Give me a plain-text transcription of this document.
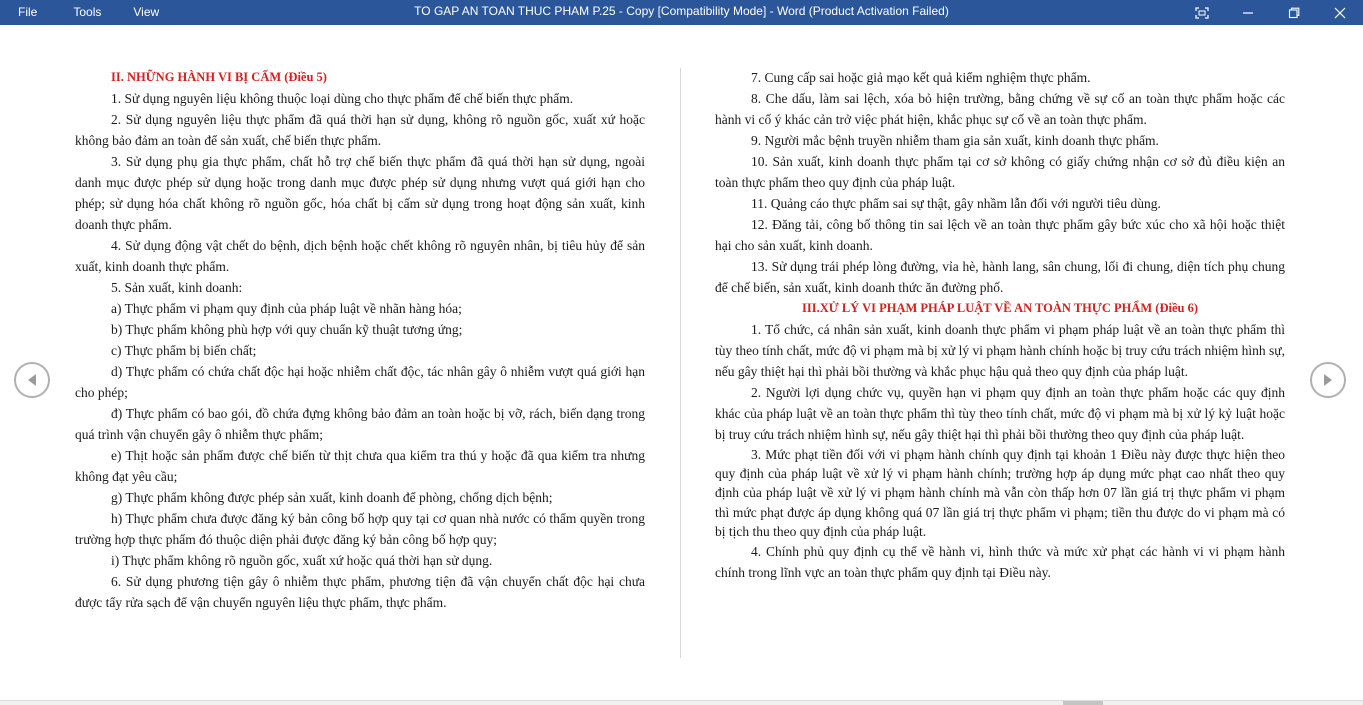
File	Tools	View	TO GAP AN TOAN THUC PHAM P.25 - Copy [Compatibility Mode] - Word (Product Activation Failed)
II. NHỮNG HÀNH VI BỊ CẤM (Điều 5)

1. Sử dụng nguyên liệu không thuộc loại dùng cho thực phẩm để chế biến thực phẩm.

2. Sử dụng nguyên liệu thực phẩm đã quá thời hạn sử dụng, không rõ nguồn gốc, xuất xứ hoặc không bảo đảm an toàn để sản xuất, chế biến thực phẩm.

3. Sử dụng phụ gia thực phẩm, chất hỗ trợ chế biến thực phẩm đã quá thời hạn sử dụng, ngoài danh mục được phép sử dụng hoặc trong danh mục được phép sử dụng nhưng vượt quá giới hạn cho phép; sử dụng hóa chất không rõ nguồn gốc, hóa chất bị cấm sử dụng trong hoạt động sản xuất, kinh doanh thực phẩm.

4. Sử dụng động vật chết do bệnh, dịch bệnh hoặc chết không rõ nguyên nhân, bị tiêu hủy để sản xuất, kinh doanh thực phẩm.

5. Sản xuất, kinh doanh:

a) Thực phẩm vi phạm quy định của pháp luật về nhãn hàng hóa;

b) Thực phẩm không phù hợp với quy chuẩn kỹ thuật tương ứng;

c) Thực phẩm bị biến chất;

d) Thực phẩm có chứa chất độc hại hoặc nhiễm chất độc, tác nhân gây ô nhiễm vượt quá giới hạn cho phép;

đ) Thực phẩm có bao gói, đồ chứa đựng không bảo đảm an toàn hoặc bị vỡ, rách, biến dạng trong quá trình vận chuyển gây ô nhiễm thực phẩm;

e) Thịt hoặc sản phẩm được chế biến từ thịt chưa qua kiểm tra thú y hoặc đã qua kiểm tra nhưng không đạt yêu cầu;

g) Thực phẩm không được phép sản xuất, kinh doanh để phòng, chống dịch bệnh;

h) Thực phẩm chưa được đăng ký bản công bố hợp quy tại cơ quan nhà nước có thẩm quyền trong trường hợp thực phẩm đó thuộc diện phải được đăng ký bản công bố hợp quy;

i) Thực phẩm không rõ nguồn gốc, xuất xứ hoặc quá thời hạn sử dụng.

6. Sử dụng phương tiện gây ô nhiễm thực phẩm, phương tiện đã vận chuyển chất độc hại chưa được tẩy rửa sạch để vận chuyển nguyên liệu thực phẩm, thực phẩm.

7. Cung cấp sai hoặc giả mạo kết quả kiểm nghiệm thực phẩm.

8. Che dấu, làm sai lệch, xóa bỏ hiện trường, bằng chứng về sự cố an toàn thực phẩm hoặc các hành vi cố ý khác cản trở việc phát hiện, khắc phục sự cố về an toàn thực phẩm.

9. Người mắc bệnh truyền nhiễm tham gia sản xuất, kinh doanh thực phẩm.

10. Sản xuất, kinh doanh thực phẩm tại cơ sở không có giấy chứng nhận cơ sở đủ điều kiện an toàn thực phẩm theo quy định của pháp luật.

11. Quảng cáo thực phẩm sai sự thật, gây nhầm lẫn đối với người tiêu dùng.

12. Đăng tải, công bố thông tin sai lệch về an toàn thực phẩm gây bức xúc cho xã hội hoặc thiệt hại cho sản xuất, kinh doanh.

13. Sử dụng trái phép lòng đường, vỉa hè, hành lang, sân chung, lối đi chung, diện tích phụ chung để chế biến, sản xuất, kinh doanh thức ăn đường phố.

III.XỬ LÝ VI PHẠM PHÁP LUẬT VỀ AN TOÀN THỰC PHẨM (Điều 6)

1. Tổ chức, cá nhân sản xuất, kinh doanh thực phẩm vi phạm pháp luật về an toàn thực phẩm thì tùy theo tính chất, mức độ vi phạm mà bị xử lý vi phạm hành chính hoặc bị truy cứu trách nhiệm hình sự, nếu gây thiệt hại thì phải bồi thường và khắc phục hậu quả theo quy định của pháp luật.

2. Người lợi dụng chức vụ, quyền hạn vi phạm quy định an toàn thực phẩm hoặc các quy định khác của pháp luật về an toàn thực phẩm thì tùy theo tính chất, mức độ vi phạm mà bị xử lý kỷ luật hoặc bị truy cứu trách nhiệm hình sự, nếu gây thiệt hại thì phải bồi thường theo quy định của pháp luật.

3. Mức phạt tiền đối với vi phạm hành chính quy định tại khoản 1 Điều này được thực hiện theo quy định của pháp luật về xử lý vi phạm hành chính; trường hợp áp dụng mức phạt cao nhất theo quy định của pháp luật về xử lý vi phạm hành chính mà vẫn còn thấp hơn 07 lần giá trị thực phẩm vi phạm thì mức phạt được áp dụng không quá 07 lần giá trị thực phẩm vi phạm; tiền thu được do vi phạm mà có bị tịch thu theo quy định của pháp luật.

4. Chính phủ quy định cụ thể về hành vi, hình thức và mức xử phạt các hành vi vi phạm hành chính trong lĩnh vực an toàn thực phẩm quy định tại Điều này.
